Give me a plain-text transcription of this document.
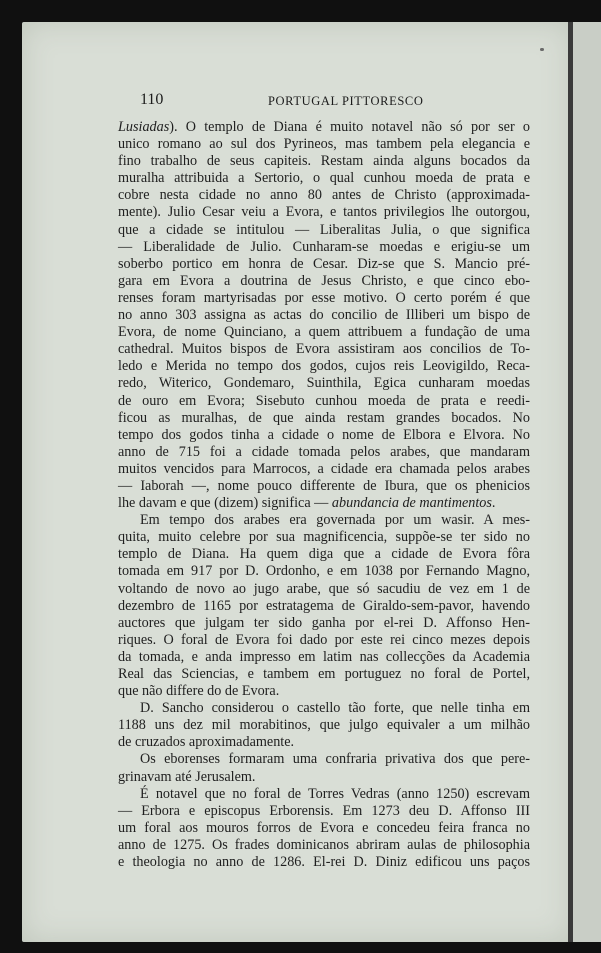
110	PORTUGAL PITTORESCO
Lusiadas). O templo de Diana é muito notavel não só por ser o
unico romano ao sul dos Pyrineos, mas tambem pela elegancia e
fino trabalho de seus capiteis. Restam ainda alguns bocados da
muralha attribuida a Sertorio, o qual cunhou moeda de prata e
cobre nesta cidade no anno 80 antes de Christo (approximada-
mente). Julio Cesar veiu a Evora, e tantos privilegios lhe outorgou,
que a cidade se intitulou — Liberalitas Julia, o que significa
— Liberalidade de Julio. Cunharam-se moedas e erigiu-se um
soberbo portico em honra de Cesar. Diz-se que S. Mancio pré-
gara em Evora a doutrina de Jesus Christo, e que cinco ebo-
renses foram martyrisadas por esse motivo. O certo porém é que
no anno 303 assigna as actas do concilio de Illiberi um bispo de
Evora, de nome Quinciano, a quem attribuem a fundação de uma
cathedral. Muitos bispos de Evora assistiram aos concilios de To-
ledo e Merida no tempo dos godos, cujos reis Leovigildo, Reca-
redo, Witerico, Gondemaro, Suinthila, Egica cunharam moedas
de ouro em Evora; Sisebuto cunhou moeda de prata e reedi-
ficou as muralhas, de que ainda restam grandes bocados. No
tempo dos godos tinha a cidade o nome de Elbora e Elvora. No
anno de 715 foi a cidade tomada pelos arabes, que mandaram
muitos vencidos para Marrocos, a cidade era chamada pelos arabes
— Iaborah —, nome pouco differente de Ibura, que os phenicios
lhe davam e que (dizem) significa — abundancia de mantimentos.
Em tempo dos arabes era governada por um wasir. A mes-
quita, muito celebre por sua magnificencia, suppõe-se ter sido no
templo de Diana. Ha quem diga que a cidade de Evora fôra
tomada em 917 por D. Ordonho, e em 1038 por Fernando Magno,
voltando de novo ao jugo arabe, que só sacudiu de vez em 1 de
dezembro de 1165 por estratagema de Giraldo-sem-pavor, havendo
auctores que julgam ter sido ganha por el-rei D. Affonso Hen-
riques. O foral de Evora foi dado por este rei cinco mezes depois
da tomada, e anda impresso em latim nas collecções da Academia
Real das Sciencias, e tambem em portuguez no foral de Portel,
que não differe do de Evora.
D. Sancho considerou o castello tão forte, que nelle tinha em
1188 uns dez mil morabitinos, que julgo equivaler a um milhão
de cruzados aproximadamente.
Os eborenses formaram uma confraria privativa dos que pere-
grinavam até Jerusalem.
É notavel que no foral de Torres Vedras (anno 1250) escrevam
— Erbora e episcopus Erborensis. Em 1273 deu D. Affonso III
um foral aos mouros forros de Evora e concedeu feira franca no
anno de 1275. Os frades dominicanos abriram aulas de philosophia
e theologia no anno de 1286. El-rei D. Diniz edificou uns paços
